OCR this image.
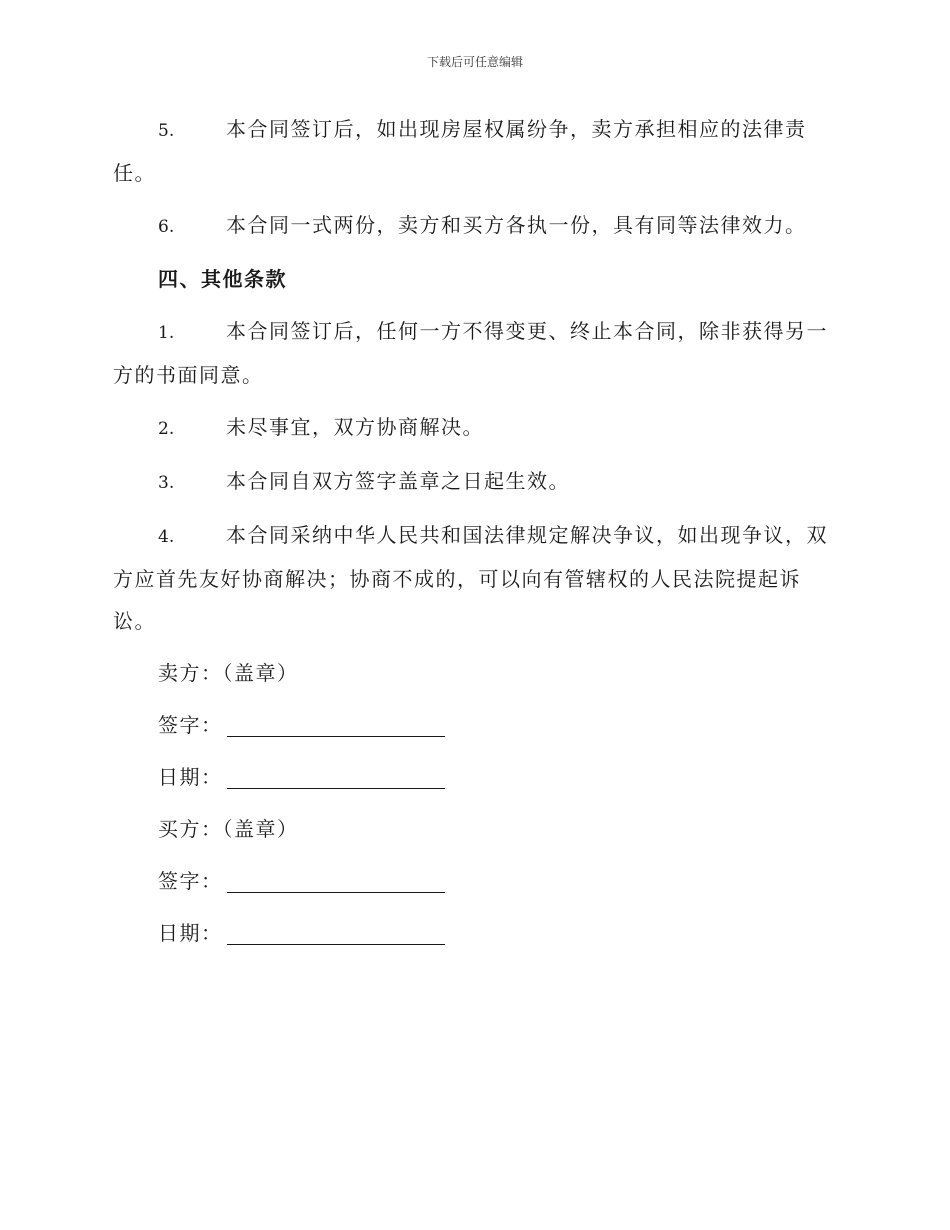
下载后可任意编辑

5.	本合同签订后，如出现房屋权属纷争，卖方承担相应的法律责任。

6.	本合同一式两份，卖方和买方各执一份，具有同等法律效力。

四、其他条款

1.	本合同签订后，任何一方不得变更、终止本合同，除非获得另一方的书面同意。

2.	未尽事宜，双方协商解决。

3.	本合同自双方签字盖章之日起生效。

4.	本合同采纳中华人民共和国法律规定解决争议，如出现争议，双方应首先友好协商解决；协商不成的，可以向有管辖权的人民法院提起诉讼。

卖方：（盖章）
签字：
日期：
买方：（盖章）
签字：
日期：
